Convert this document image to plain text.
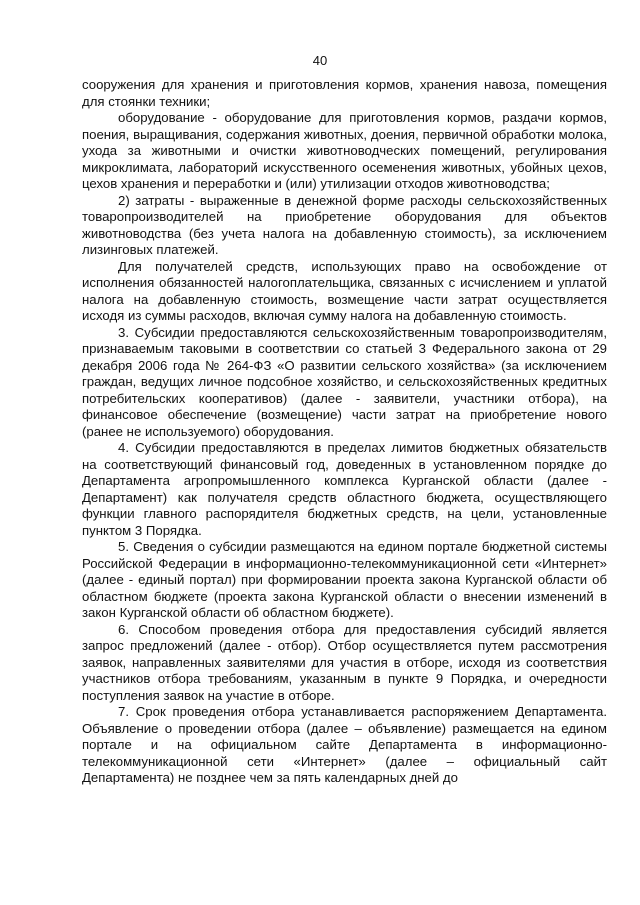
40

сооружения для хранения и приготовления кормов, хранения навоза, помещения для стоянки техники;

оборудование - оборудование для приготовления кормов, раздачи кормов, поения, выращивания, содержания животных, доения, первичной обработки молока, ухода за животными и очистки животноводческих помещений, регулирования микроклимата, лабораторий искусственного осеменения животных, убойных цехов, цехов хранения и переработки и (или) утилизации отходов животноводства;

2) затраты - выраженные в денежной форме расходы сельскохозяйственных товаропроизводителей на приобретение оборудования для объектов животноводства (без учета налога на добавленную стоимость), за исключением лизинговых платежей.

Для получателей средств, использующих право на освобождение от исполнения обязанностей налогоплательщика, связанных с исчислением и уплатой налога на добавленную стоимость, возмещение части затрат осуществляется исходя из суммы расходов, включая сумму налога на добавленную стоимость.

3. Субсидии предоставляются сельскохозяйственным товаропроизводителям, признаваемым таковыми в соответствии со статьей 3 Федерального закона от 29 декабря 2006 года № 264-ФЗ «О развитии сельского хозяйства» (за исключением граждан, ведущих личное подсобное хозяйство, и сельскохозяйственных кредитных потребительских кооперативов) (далее - заявители, участники отбора), на финансовое обеспечение (возмещение) части затрат на приобретение нового (ранее не используемого) оборудования.

4. Субсидии предоставляются в пределах лимитов бюджетных обязательств на соответствующий финансовый год, доведенных в установленном порядке до Департамента агропромышленного комплекса Курганской области (далее - Департамент) как получателя средств областного бюджета, осуществляющего функции главного распорядителя бюджетных средств, на цели, установленные пунктом 3 Порядка.

5. Сведения о субсидии размещаются на едином портале бюджетной системы Российской Федерации в информационно-телекоммуникационной сети «Интернет» (далее - единый портал) при формировании проекта закона Курганской области об областном бюджете (проекта закона Курганской области о внесении изменений в закон Курганской области об областном бюджете).

6. Способом проведения отбора для предоставления субсидий является запрос предложений (далее - отбор). Отбор осуществляется путем рассмотрения заявок, направленных заявителями для участия в отборе, исходя из соответствия участников отбора требованиям, указанным в пункте 9 Порядка, и очередности поступления заявок на участие в отборе.

7. Срок проведения отбора устанавливается распоряжением Департамента. Объявление о проведении отбора (далее – объявление) размещается на едином портале и на официальном сайте Департамента в информационно-телекоммуникационной сети «Интернет» (далее – официальный сайт Департамента) не позднее чем за пять календарных дней до
